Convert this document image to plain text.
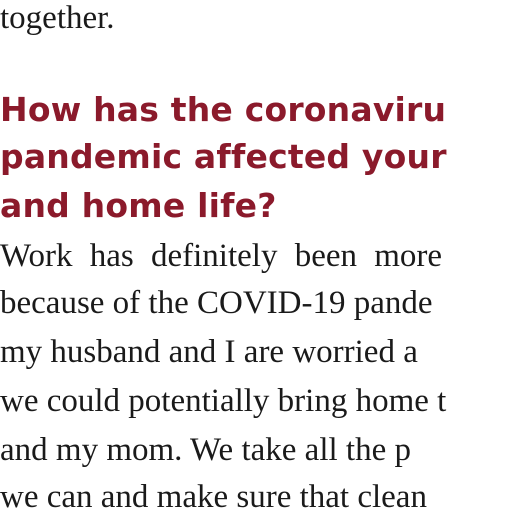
together.

How has the coronaviru
pandemic affected your
and home life?

Work has definitely been more

because of the COVID-19 pande

my husband and I are worried a

we could potentially bring home t

and my mom. We take all the p

we can and make sure that clean
